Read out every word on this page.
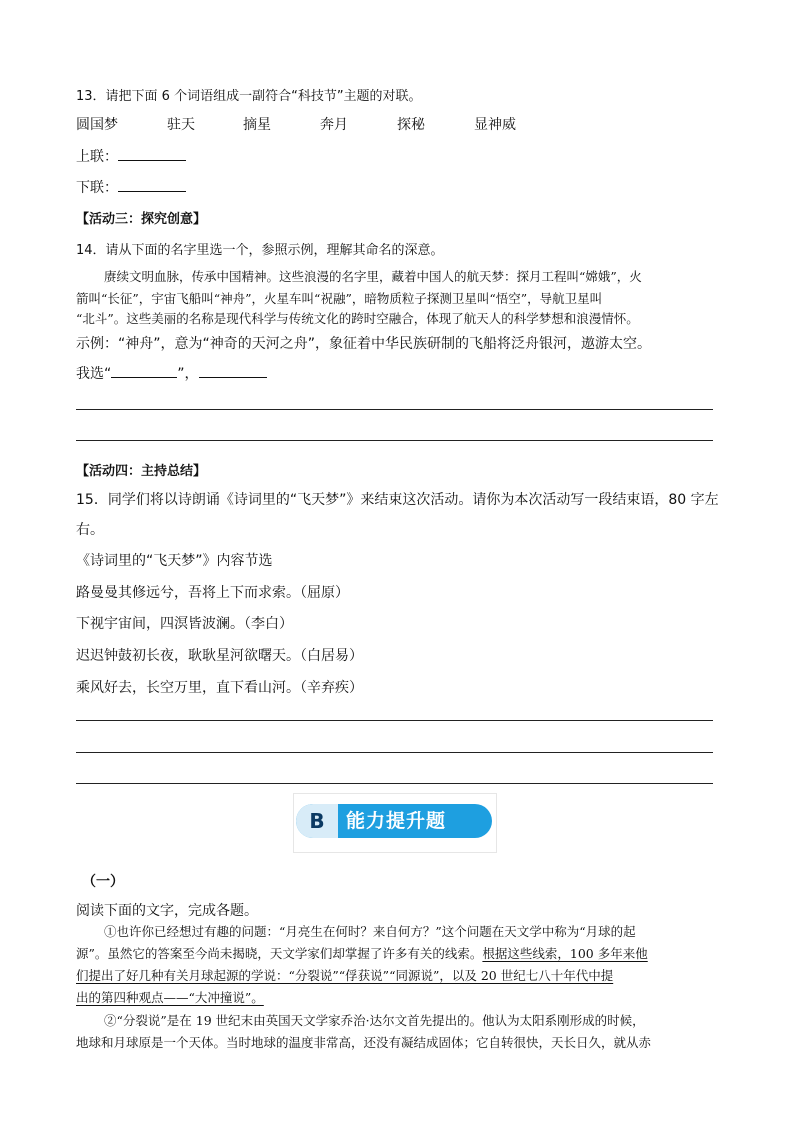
13．请把下面 6 个词语组成一副符合“科技节”主题的对联。
圆国梦	驻天	摘星	奔月	探秘	显神威
上联：
下联：
【活动三：探究创意】
14．请从下面的名字里选一个，参照示例，理解其命名的深意。
赓续文明血脉，传承中国精神。这些浪漫的名字里，藏着中国人的航天梦：探月工程叫“嫦娥”，火
箭叫“长征”，宇宙飞船叫“神舟”，火星车叫“祝融”，暗物质粒子探测卫星叫“悟空”，导航卫星叫
“北斗”。这些美丽的名称是现代科学与传统文化的跨时空融合，体现了航天人的科学梦想和浪漫情怀。
示例：“神舟”，意为“神奇的天河之舟”，象征着中华民族研制的飞船将泛舟银河，遨游太空。
我选“	”，
【活动四：主持总结】
15．同学们将以诗朗诵《诗词里的“飞天梦”》来结束这次活动。请你为本次活动写一段结束语，80 字左
右。
《诗词里的“飞天梦”》内容节选
路曼曼其修远兮，吾将上下而求索。（屈原）
下视宇宙间，四溟皆波澜。（李白）
迟迟钟鼓初长夜，耿耿星河欲曙天。（白居易）
乘风好去，长空万里，直下看山河。（辛弃疾）
B	能力提升题
（一）
阅读下面的文字，完成各题。
①也许你已经想过有趣的问题：“月亮生在何时？来自何方？”这个问题在天文学中称为“月球的起
源”。虽然它的答案至今尚未揭晓，天文学家们却掌握了许多有关的线索。根据这些线索，100 多年来他
们提出了好几种有关月球起源的学说：“分裂说”“俘获说”“同源说”，以及 20 世纪七八十年代中提
出的第四种观点——“大冲撞说”。
②“分裂说”是在 19 世纪末由英国天文学家乔治·达尔文首先提出的。他认为太阳系刚形成的时候，
地球和月球原是一个天体。当时地球的温度非常高，还没有凝结成固体；它自转很快，天长日久，就从赤
